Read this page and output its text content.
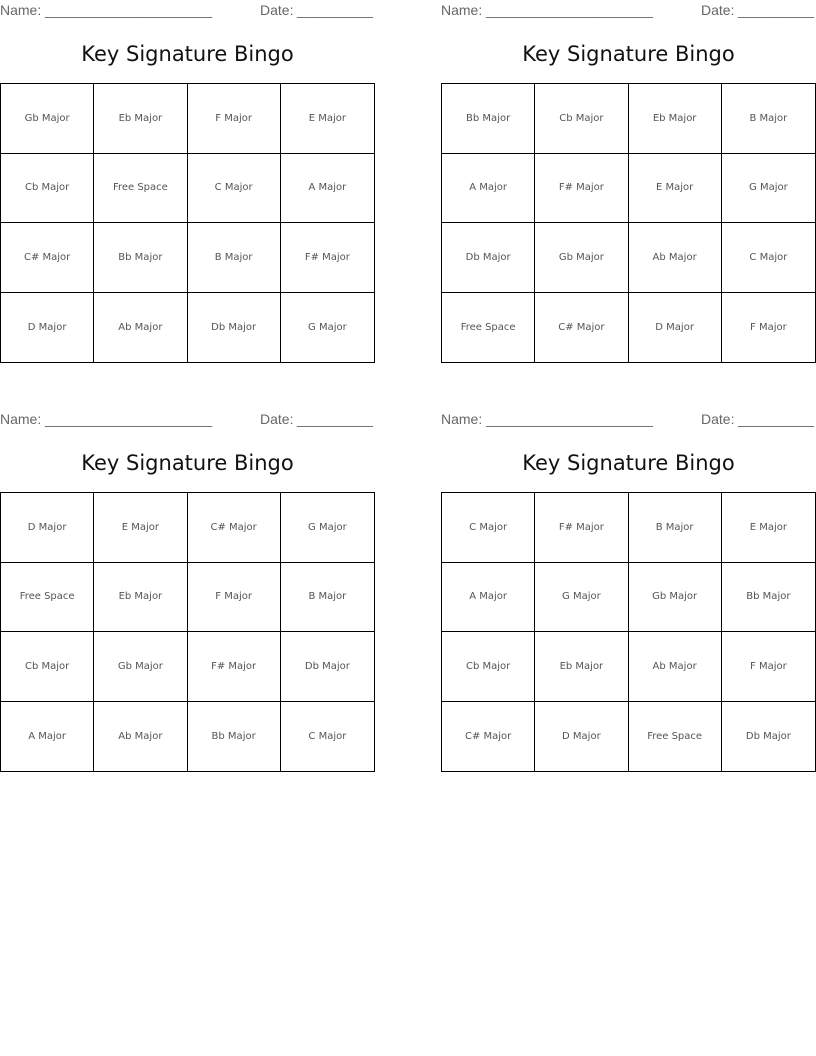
Name: ______________________	Date: __________
Key Signature Bingo
Gb Major	Eb Major	F Major	E Major
Cb Major	Free Space	C Major	A Major
C# Major	Bb Major	B Major	F# Major
D Major	Ab Major	Db Major	G Major
Name: ______________________	Date: __________
Key Signature Bingo
Bb Major	Cb Major	Eb Major	B Major
A Major	F# Major	E Major	G Major
Db Major	Gb Major	Ab Major	C Major
Free Space	C# Major	D Major	F Major
Name: ______________________	Date: __________
Key Signature Bingo
D Major	E Major	C# Major	G Major
Free Space	Eb Major	F Major	B Major
Cb Major	Gb Major	F# Major	Db Major
A Major	Ab Major	Bb Major	C Major
Name: ______________________	Date: __________
Key Signature Bingo
C Major	F# Major	B Major	E Major
A Major	G Major	Gb Major	Bb Major
Cb Major	Eb Major	Ab Major	F Major
C# Major	D Major	Free Space	Db Major
